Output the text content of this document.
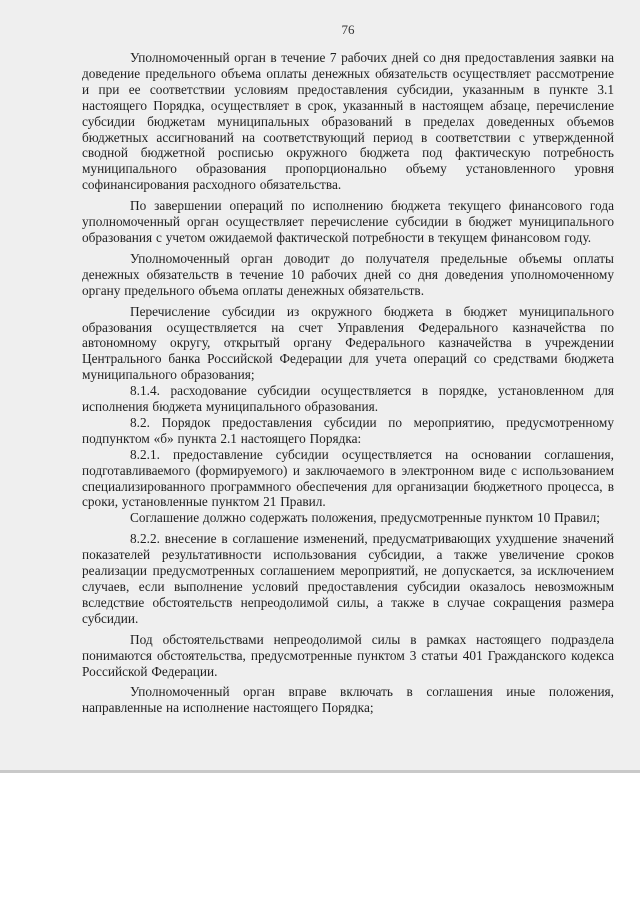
76

Уполномоченный орган в течение 7 рабочих дней со дня предоставления заявки на доведение предельного объема оплаты денежных обязательств осуществляет рассмотрение и при ее соответствии условиям предоставления субсидии, указанным в пункте 3.1 настоящего Порядка, осуществляет в срок, указанный в настоящем абзаце, перечисление субсидии бюджетам муниципальных образований в пределах доведенных объемов бюджетных ассигнований на соответствующий период в соответствии с утвержденной сводной бюджетной росписью окружного бюджета под фактическую потребность муниципального образования пропорционально объему установленного уровня софинансирования расходного обязательства.

По завершении операций по исполнению бюджета текущего финансового года уполномоченный орган осуществляет перечисление субсидии в бюджет муниципального образования с учетом ожидаемой фактической потребности в текущем финансовом году.

Уполномоченный орган доводит до получателя предельные объемы оплаты денежных обязательств в течение 10 рабочих дней со дня доведения уполномоченному органу предельного объема оплаты денежных обязательств.

Перечисление субсидии из окружного бюджета в бюджет муниципального образования осуществляется на счет Управления Федерального казначейства по автономному округу, открытый органу Федерального казначейства в учреждении Центрального банка Российской Федерации для учета операций со средствами бюджета муниципального образования;

8.1.4. расходование субсидии осуществляется в порядке, установленном для исполнения бюджета муниципального образования.

8.2. Порядок предоставления субсидии по мероприятию, предусмотренному подпунктом «б» пункта 2.1 настоящего Порядка:

8.2.1. предоставление субсидии осуществляется на основании соглашения, подготавливаемого (формируемого) и заключаемого в электронном виде с использованием специализированного программного обеспечения для организации бюджетного процесса, в сроки, установленные пунктом 21 Правил.

Соглашение должно содержать положения, предусмотренные пунктом 10 Правил;

8.2.2. внесение в соглашение изменений, предусматривающих ухудшение значений показателей результативности использования субсидии, а также увеличение сроков реализации предусмотренных соглашением мероприятий, не допускается, за исключением случаев, если выполнение условий предоставления субсидии оказалось невозможным вследствие обстоятельств непреодолимой силы, а также в случае сокращения размера субсидии.

Под обстоятельствами непреодолимой силы в рамках настоящего подраздела понимаются обстоятельства, предусмотренные пунктом 3 статьи 401 Гражданского кодекса Российской Федерации.

Уполномоченный орган вправе включать в соглашения иные положения, направленные на исполнение настоящего Порядка;
